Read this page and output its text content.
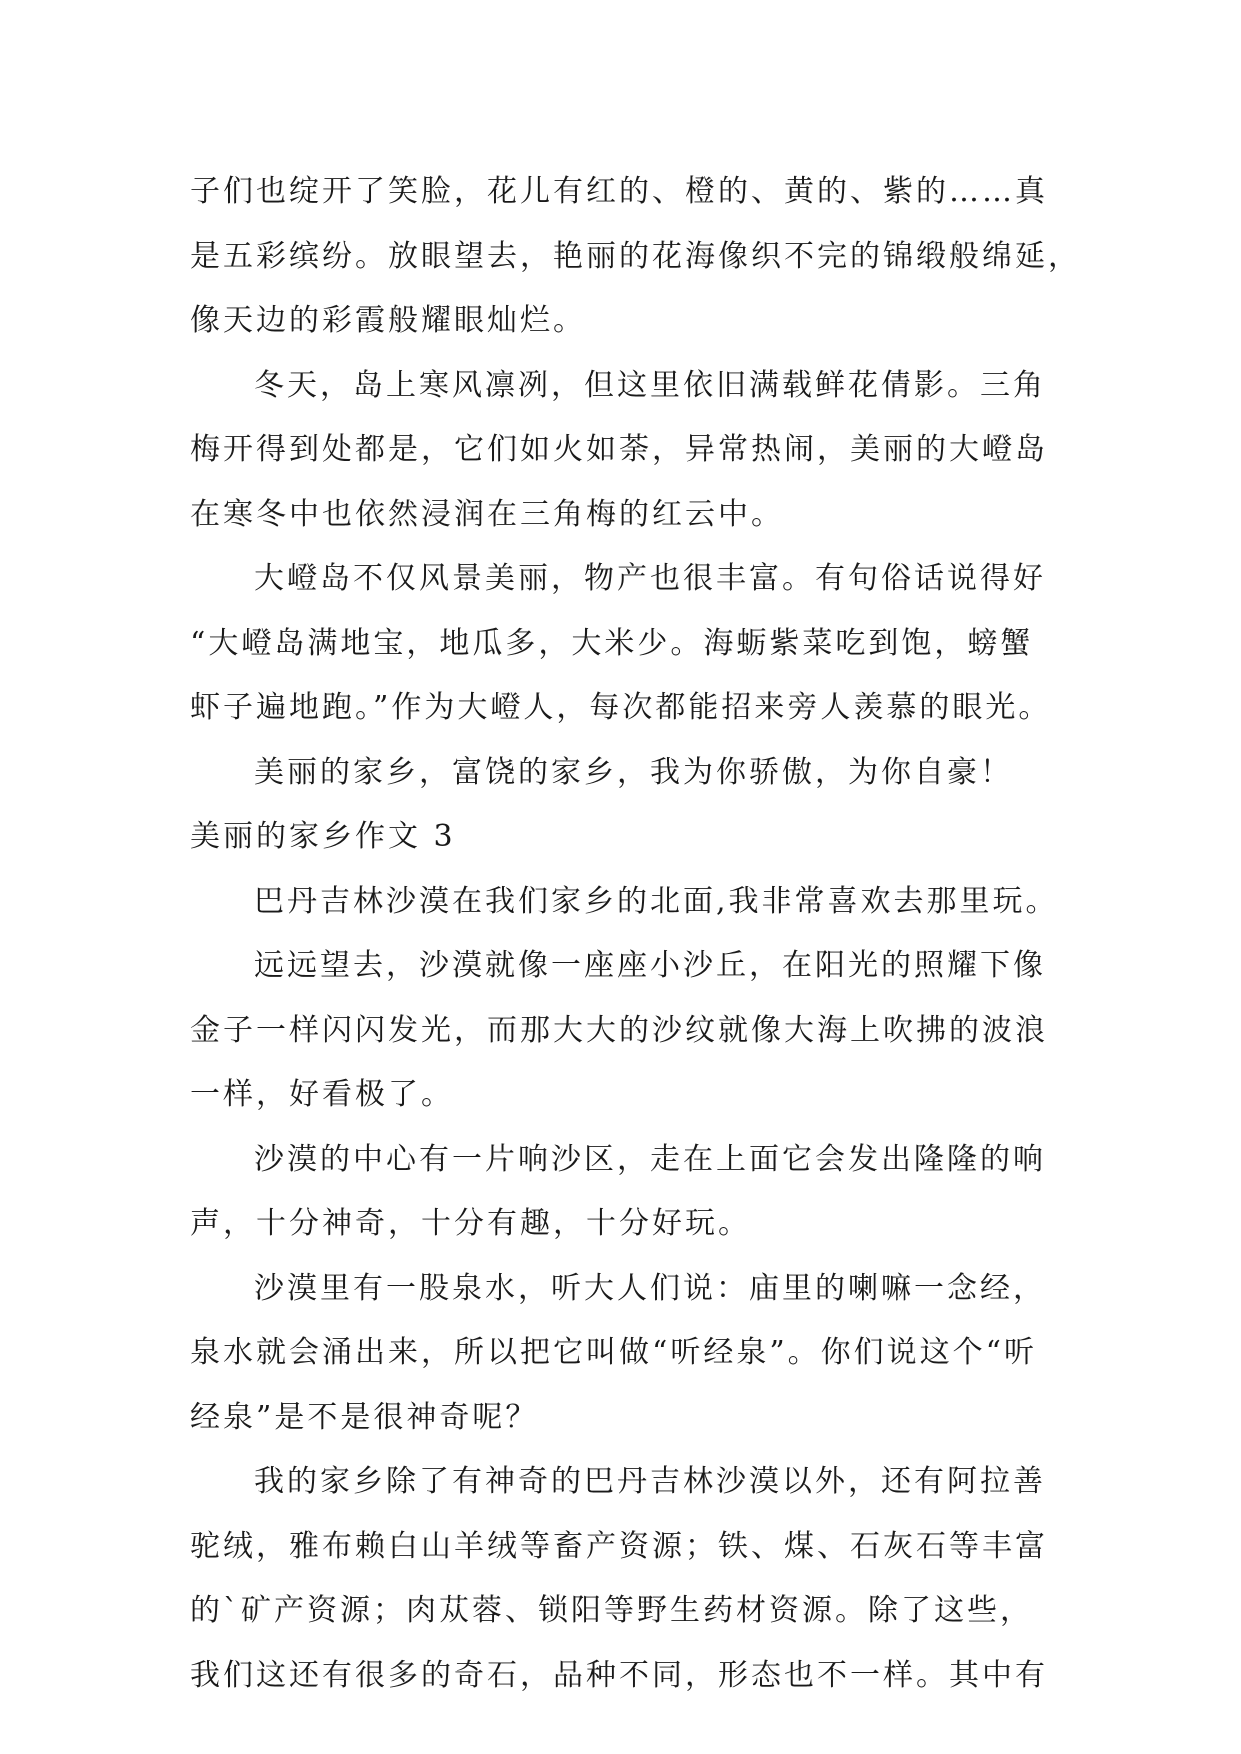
子们也绽开了笑脸，花儿有红的、橙的、黄的、紫的……真
是五彩缤纷。放眼望去，艳丽的花海像织不完的锦缎般绵延，
像天边的彩霞般耀眼灿烂。
冬天，岛上寒风凛冽，但这里依旧满载鲜花倩影。三角
梅开得到处都是，它们如火如荼，异常热闹，美丽的大嶝岛
在寒冬中也依然浸润在三角梅的红云中。
大嶝岛不仅风景美丽，物产也很丰富。有句俗话说得好
“大嶝岛满地宝，地瓜多，大米少。海蛎紫菜吃到饱，螃蟹
虾子遍地跑。”作为大嶝人，每次都能招来旁人羡慕的眼光。
美丽的家乡，富饶的家乡，我为你骄傲，为你自豪！
美丽的家乡作文 3
巴丹吉林沙漠在我们家乡的北面,我非常喜欢去那里玩。
远远望去，沙漠就像一座座小沙丘，在阳光的照耀下像
金子一样闪闪发光，而那大大的沙纹就像大海上吹拂的波浪
一样，好看极了。
沙漠的中心有一片响沙区，走在上面它会发出隆隆的响
声，十分神奇，十分有趣，十分好玩。
沙漠里有一股泉水，听大人们说：庙里的喇嘛一念经，
泉水就会涌出来，所以把它叫做“听经泉”。你们说这个“听
经泉”是不是很神奇呢？
我的家乡除了有神奇的巴丹吉林沙漠以外，还有阿拉善
驼绒，雅布赖白山羊绒等畜产资源；铁、煤、石灰石等丰富
的`矿产资源；肉苁蓉、锁阳等野生药材资源。除了这些，
我们这还有很多的奇石，品种不同，形态也不一样。其中有
